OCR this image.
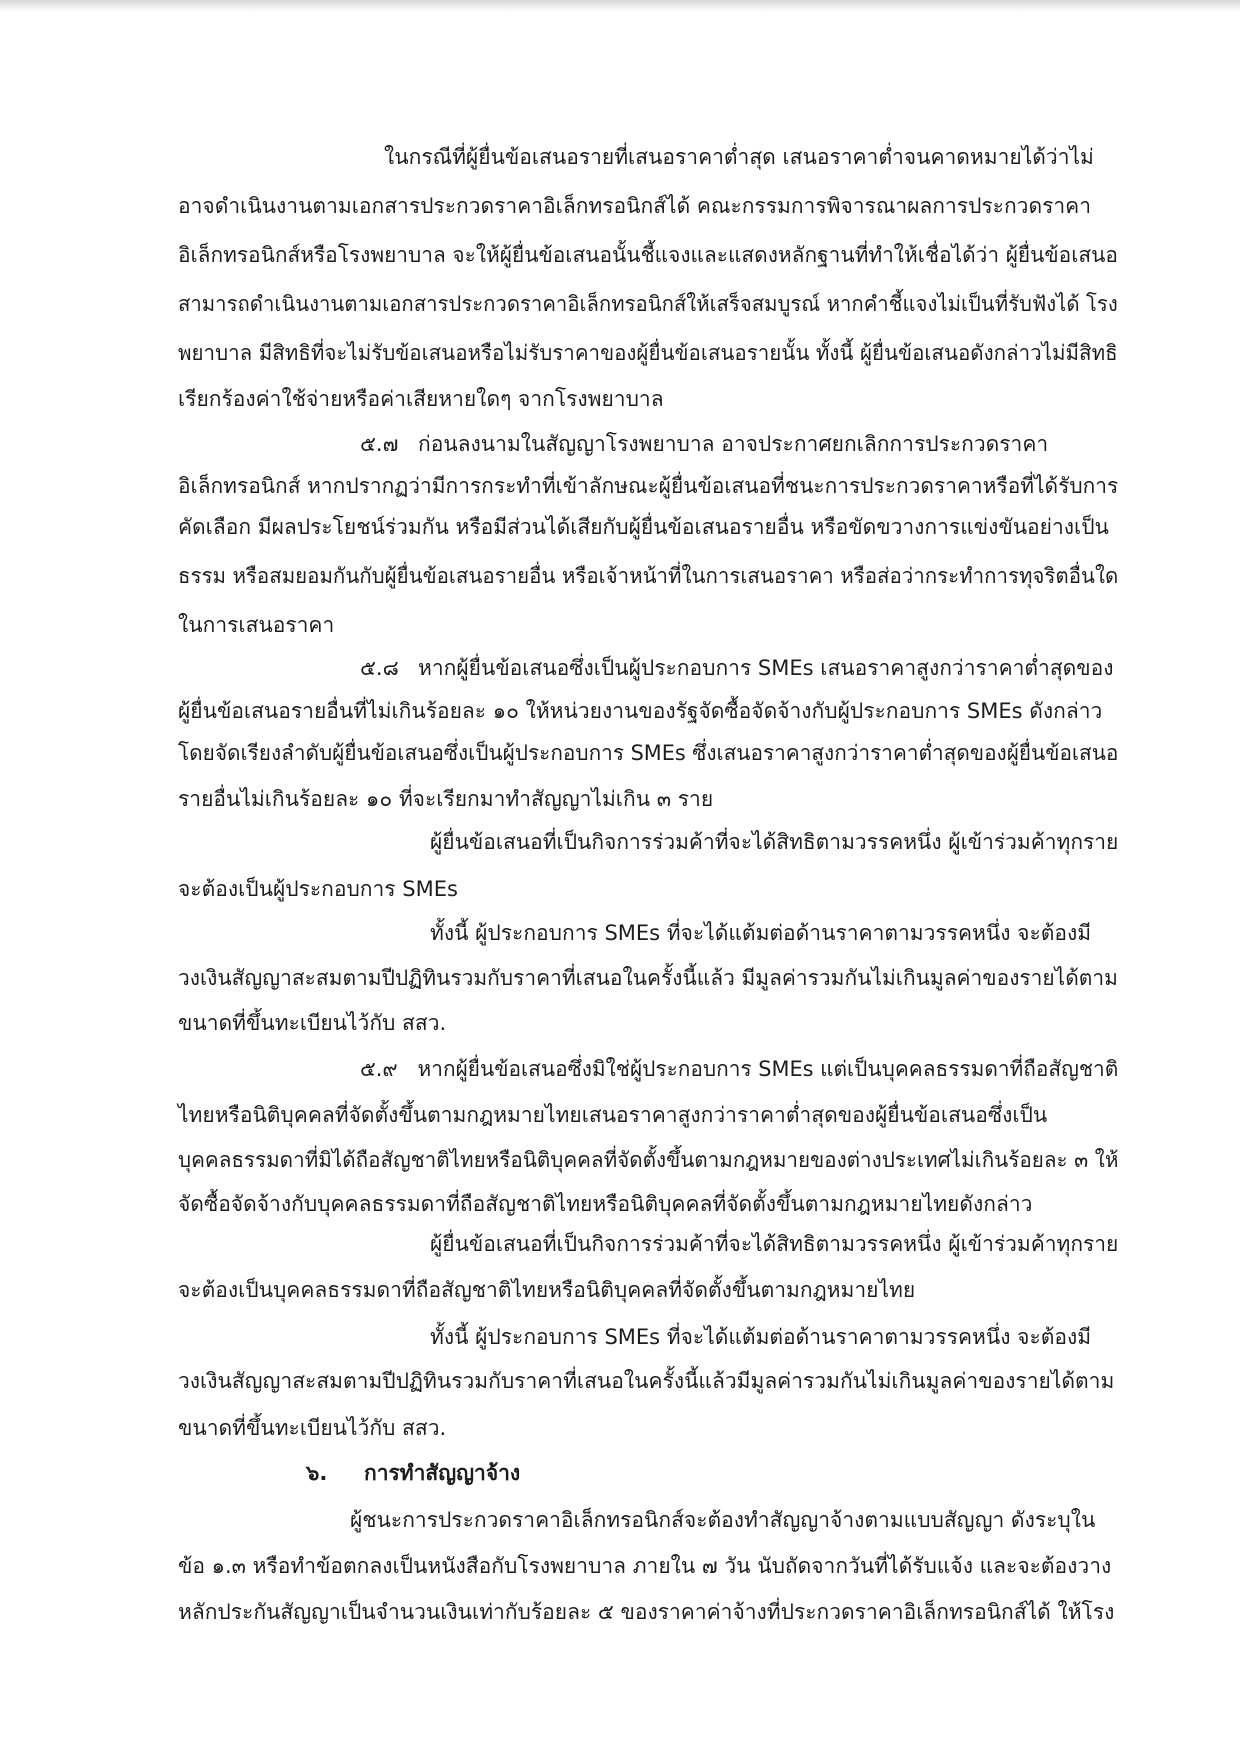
ในกรณีที่ผู้ยื่นข้อเสนอรายที่เสนอราคาต่ำสุด เสนอราคาต่ำจนคาดหมายได้ว่าไม่
อาจดำเนินงานตามเอกสารประกวดราคาอิเล็กทรอนิกส์ได้ คณะกรรมการพิจารณาผลการประกวดราคา
อิเล็กทรอนิกส์หรือโรงพยาบาล จะให้ผู้ยื่นข้อเสนอนั้นชี้แจงและแสดงหลักฐานที่ทำให้เชื่อได้ว่า ผู้ยื่นข้อเสนอ
สามารถดำเนินงานตามเอกสารประกวดราคาอิเล็กทรอนิกส์ให้เสร็จสมบูรณ์ หากคำชี้แจงไม่เป็นที่รับฟังได้ โรง
พยาบาล มีสิทธิที่จะไม่รับข้อเสนอหรือไม่รับราคาของผู้ยื่นข้อเสนอรายนั้น ทั้งนี้ ผู้ยื่นข้อเสนอดังกล่าวไม่มีสิทธิ
เรียกร้องค่าใช้จ่ายหรือค่าเสียหายใดๆ จากโรงพยาบาล
๕.๗ ก่อนลงนามในสัญญาโรงพยาบาล อาจประกาศยกเลิกการประกวดราคา
อิเล็กทรอนิกส์ หากปรากฏว่ามีการกระทำที่เข้าลักษณะผู้ยื่นข้อเสนอที่ชนะการประกวดราคาหรือที่ได้รับการ
คัดเลือก มีผลประโยชน์ร่วมกัน หรือมีส่วนได้เสียกับผู้ยื่นข้อเสนอรายอื่น หรือขัดขวางการแข่งขันอย่างเป็น
ธรรม หรือสมยอมกันกับผู้ยื่นข้อเสนอรายอื่น หรือเจ้าหน้าที่ในการเสนอราคา หรือส่อว่ากระทำการทุจริตอื่นใด
ในการเสนอราคา
๕.๘ หากผู้ยื่นข้อเสนอซึ่งเป็นผู้ประกอบการ SMEs เสนอราคาสูงกว่าราคาต่ำสุดของ
ผู้ยื่นข้อเสนอรายอื่นที่ไม่เกินร้อยละ ๑๐ ให้หน่วยงานของรัฐจัดซื้อจัดจ้างกับผู้ประกอบการ SMEs ดังกล่าว
โดยจัดเรียงลำดับผู้ยื่นข้อเสนอซึ่งเป็นผู้ประกอบการ SMEs ซึ่งเสนอราคาสูงกว่าราคาต่ำสุดของผู้ยื่นข้อเสนอ
รายอื่นไม่เกินร้อยละ ๑๐ ที่จะเรียกมาทำสัญญาไม่เกิน ๓ ราย
ผู้ยื่นข้อเสนอที่เป็นกิจการร่วมค้าที่จะได้สิทธิตามวรรคหนึ่ง ผู้เข้าร่วมค้าทุกราย
จะต้องเป็นผู้ประกอบการ SMEs
ทั้งนี้ ผู้ประกอบการ SMEs ที่จะได้แต้มต่อด้านราคาตามวรรคหนึ่ง จะต้องมี
วงเงินสัญญาสะสมตามปีปฏิทินรวมกับราคาที่เสนอในครั้งนี้แล้ว มีมูลค่ารวมกันไม่เกินมูลค่าของรายได้ตาม
ขนาดที่ขึ้นทะเบียนไว้กับ สสว.
๕.๙ หากผู้ยื่นข้อเสนอซึ่งมิใช่ผู้ประกอบการ SMEs แต่เป็นบุคคลธรรมดาที่ถือสัญชาติ
ไทยหรือนิติบุคคลที่จัดตั้งขึ้นตามกฎหมายไทยเสนอราคาสูงกว่าราคาต่ำสุดของผู้ยื่นข้อเสนอซึ่งเป็น
บุคคลธรรมดาที่มิได้ถือสัญชาติไทยหรือนิติบุคคลที่จัดตั้งขึ้นตามกฎหมายของต่างประเทศไม่เกินร้อยละ ๓ ให้
จัดซื้อจัดจ้างกับบุคคลธรรมดาที่ถือสัญชาติไทยหรือนิติบุคคลที่จัดตั้งขึ้นตามกฎหมายไทยดังกล่าว
ผู้ยื่นข้อเสนอที่เป็นกิจการร่วมค้าที่จะได้สิทธิตามวรรคหนึ่ง ผู้เข้าร่วมค้าทุกราย
จะต้องเป็นบุคคลธรรมดาที่ถือสัญชาติไทยหรือนิติบุคคลที่จัดตั้งขึ้นตามกฎหมายไทย
ทั้งนี้ ผู้ประกอบการ SMEs ที่จะได้แต้มต่อด้านราคาตามวรรคหนึ่ง จะต้องมี
วงเงินสัญญาสะสมตามปีปฏิทินรวมกับราคาที่เสนอในครั้งนี้แล้วมีมูลค่ารวมกันไม่เกินมูลค่าของรายได้ตาม
ขนาดที่ขึ้นทะเบียนไว้กับ สสว.
๖.	การทำสัญญาจ้าง
ผู้ชนะการประกวดราคาอิเล็กทรอนิกส์จะต้องทำสัญญาจ้างตามแบบสัญญา ดังระบุใน
ข้อ ๑.๓ หรือทำข้อตกลงเป็นหนังสือกับโรงพยาบาล ภายใน ๗ วัน นับถัดจากวันที่ได้รับแจ้ง และจะต้องวาง
หลักประกันสัญญาเป็นจำนวนเงินเท่ากับร้อยละ ๕ ของราคาค่าจ้างที่ประกวดราคาอิเล็กทรอนิกส์ได้ ให้โรง
